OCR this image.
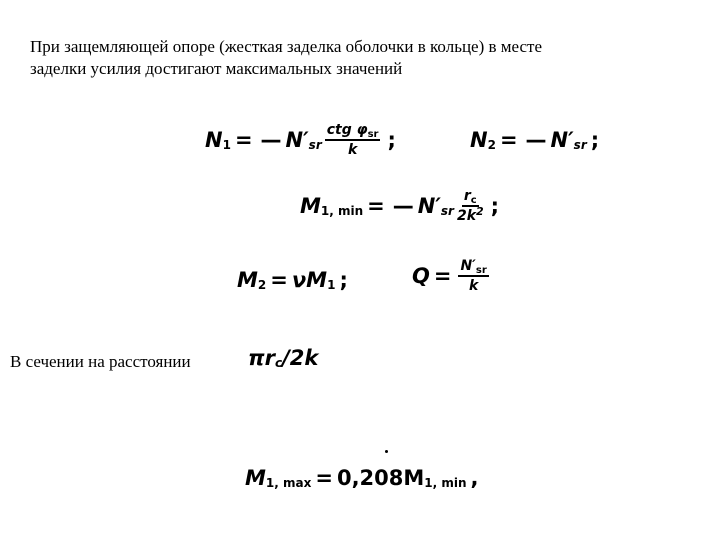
При защемляющей опоре (жесткая заделка оболочки в кольце) в месте
заделки усилия достигают максимальных значений
N 1 = — N′ sr $\frac{ctg \varphi_{sr}}{k}$ ;	N 2 = — N′ sr ;
M 1, min = — N′ sr $\frac{r_c}{2k^2}$ ;
M 2 = νM 1 ;	$Q = \frac{N'_{sr}}{k}$
В сечении на расстоянии	πr c /2k
M 1, max = 0,208M 1, min ,
